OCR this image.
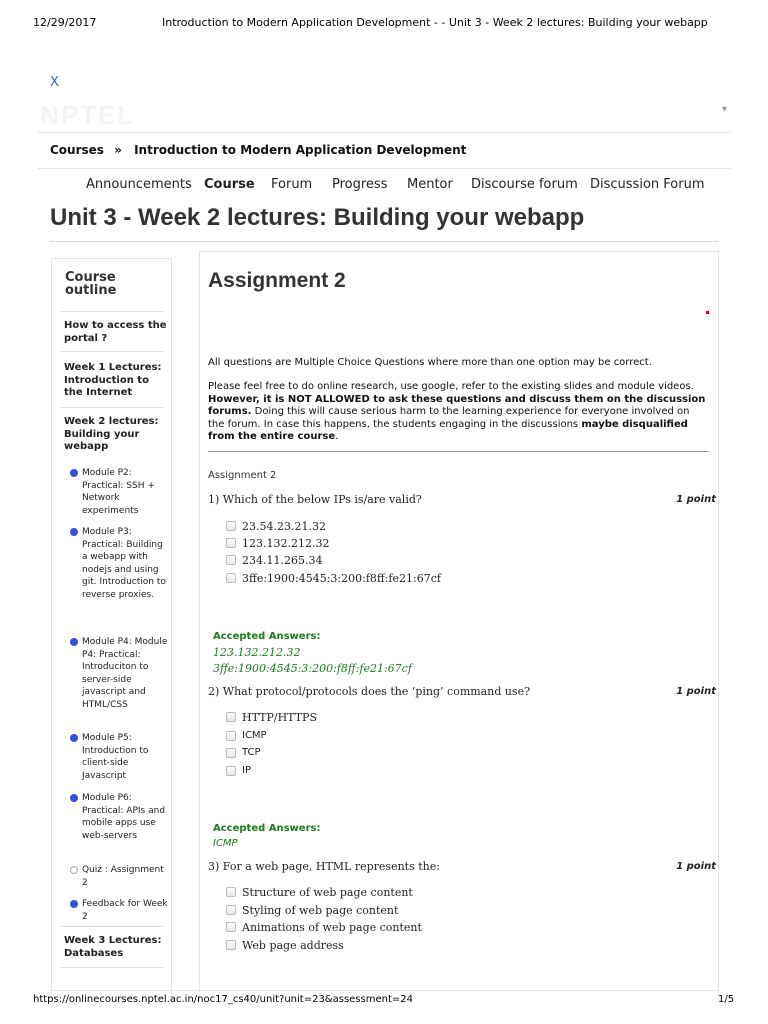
12/29/2017	Introduction to Modern Application Development - - Unit 3 - Week 2 lectures: Building your webapp
X
NPTEL	▾
Courses » Introduction to Modern Application Development
Announcements Course Forum Progress Mentor Discourse forum Discussion Forum
Unit 3 - Week 2 lectures: Building your webapp
Course outline
How to access the portal ?
Week 1 Lectures: Introduction to the Internet
Week 2 lectures: Building your webapp
Module P2: Practical: SSH + Network experiments
Module P3: Practical: Building a webapp with nodejs and using git. Introduction to reverse proxies.
Module P4: Module P4: Practical: Introduciton to server-side javascript and HTML/CSS
Module P5: Introduction to client-side Javascript
Module P6: Practical: APIs and mobile apps use web-servers
Quiz : Assignment 2
Feedback for Week 2
Week 3 Lectures: Databases
Assignment 2

All questions are Multiple Choice Questions where more than one option may be correct.

Please feel free to do online research, use google, refer to the existing slides and module videos. However, it is NOT ALLOWED to ask these questions and discuss them on the discussion forums. Doing this will cause serious harm to the learning experience for everyone involved on the forum. In case this happens, the students engaging in the discussions maybe disqualified from the entire course.

Assignment 2
1) Which of the below IPs is/are valid?	1 point
23.54.23.21.32
123.132.212.32
234.11.265.34
3ffe:1900:4545:3:200:f8ff:fe21:67cf
Accepted Answers:
123.132.212.32
3ffe:1900:4545:3:200:f8ff:fe21:67cf
2) What protocol/protocols does the ‘ping’ command use?	1 point
HTTP/HTTPS
ICMP
TCP
IP
Accepted Answers:
ICMP
3) For a web page, HTML represents the:	1 point
Structure of web page content
Styling of web page content
Animations of web page content
Web page address
https://onlinecourses.nptel.ac.in/noc17_cs40/unit?unit=23&assessment=24	1/5
